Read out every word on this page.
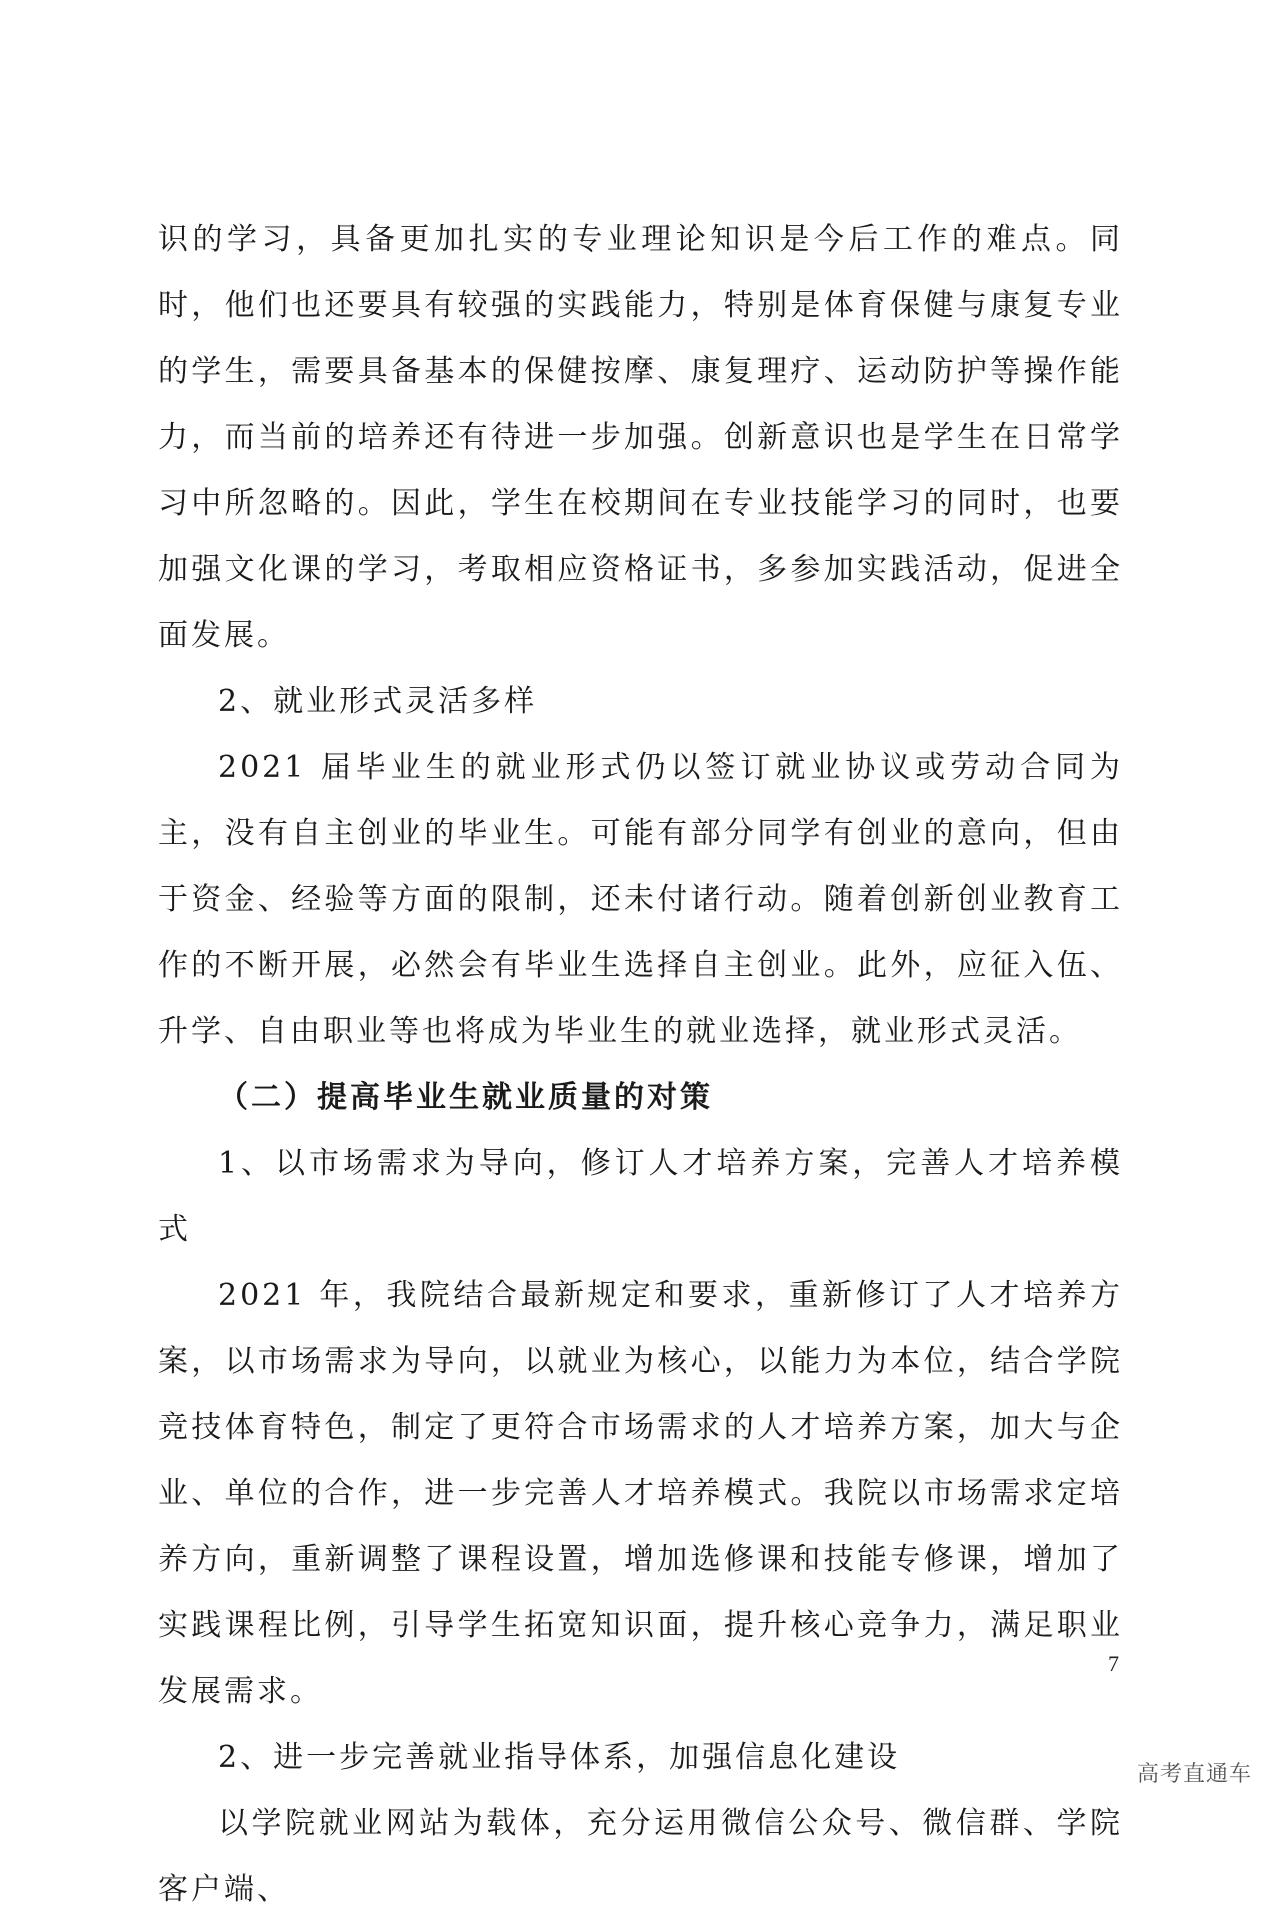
识的学习，具备更加扎实的专业理论知识是今后工作的难点。同时，他们也还要具有较强的实践能力，特别是体育保健与康复专业的学生，需要具备基本的保健按摩、康复理疗、运动防护等操作能力，而当前的培养还有待进一步加强。创新意识也是学生在日常学习中所忽略的。因此，学生在校期间在专业技能学习的同时，也要加强文化课的学习，考取相应资格证书，多参加实践活动，促进全面发展。

2、就业形式灵活多样

2021 届毕业生的就业形式仍以签订就业协议或劳动合同为主，没有自主创业的毕业生。可能有部分同学有创业的意向，但由于资金、经验等方面的限制，还未付诸行动。随着创新创业教育工作的不断开展，必然会有毕业生选择自主创业。此外，应征入伍、升学、自由职业等也将成为毕业生的就业选择，就业形式灵活。

（二）提高毕业生就业质量的对策

1、以市场需求为导向，修订人才培养方案，完善人才培养模式

2021 年，我院结合最新规定和要求，重新修订了人才培养方案，以市场需求为导向，以就业为核心，以能力为本位，结合学院竞技体育特色，制定了更符合市场需求的人才培养方案，加大与企业、单位的合作，进一步完善人才培养模式。我院以市场需求定培养方向，重新调整了课程设置，增加选修课和技能专修课，增加了实践课程比例，引导学生拓宽知识面，提升核心竞争力，满足职业发展需求。

2、进一步完善就业指导体系，加强信息化建设

以学院就业网站为载体，充分运用微信公众号、微信群、学院客户端、

7
高考直通车
